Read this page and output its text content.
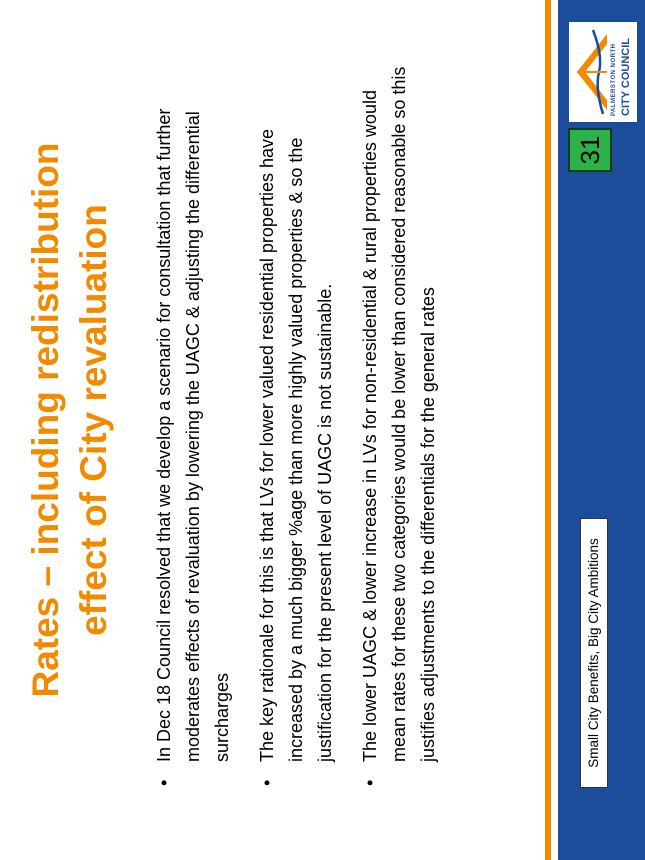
Rates – including redistribution effect of City revaluation
•
In Dec 18 Council resolved that we develop a scenario for consultation that further moderates effects of revaluation by lowering the UAGC & adjusting the differential surcharges
•
The key rationale for this is that LVs for lower valued residential properties have increased by a much bigger %age than more highly valued properties & so the justification for the present level of UAGC is not sustainable.
•
The lower UAGC & lower increase in LVs for non-residential & rural properties would mean rates for these two categories would be lower than considered reasonable so this justifies adjustments to the differentials for the general rates	Small City Benefits, Big City Ambitions
31
PALMERSTON NORTH CITY COUNCIL
